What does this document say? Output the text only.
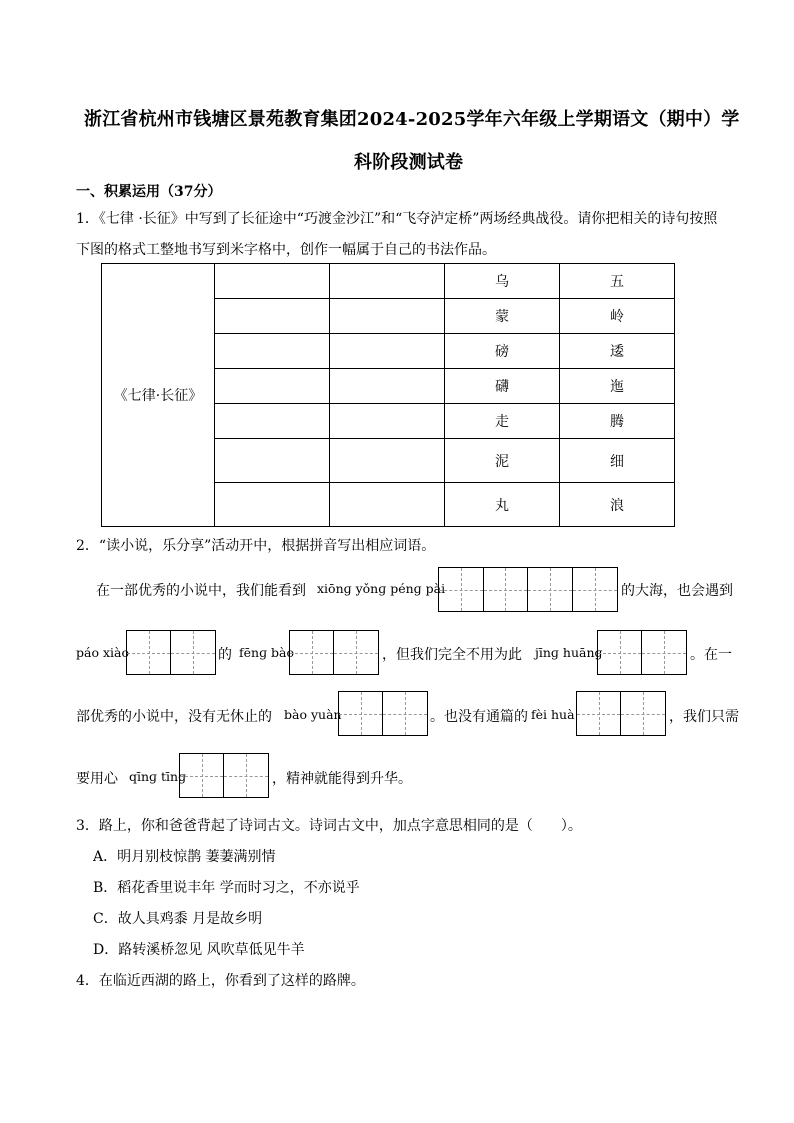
浙江省杭州市钱塘区景苑教育集团2024-2025学年六年级上学期语文（期中）学
科阶段测试卷
一、积累运用（37分）
1．《七律 ·长征》中写到了长征途中“巧渡金沙江”和“飞夺泸定桥”两场经典战役。请你把相关的诗句按照
下图的格式工整地书写到米字格中，创作一幅属于自己的书法作品。
《七律·长征》			乌	五
			蒙	岭
			磅	逶
			礴	迤
			走	腾
			泥	细
			丸	浪
2．“读小说，乐分享”活动开中，根据拼音写出相应词语。
在一部优秀的小说中，我们能看到 xiōnɡ yǒnɡ pénɡ pài	的大海，也会遇到
páo xiào	的 fēnɡ bào	，但我们完全不用为此 jīnɡ huānɡ	。在一
部优秀的小说中，没有无休止的 bào yuàn	。也没有通篇的 fèi huà	，我们只需
要用心 qīnɡ tīnɡ	，精神就能得到升华。
3．路上，你和爸爸背起了诗词古文。诗词古文中，加点字意思相同的是（　　）。
A．明月别枝惊鹊 萋萋满别情
B．稻花香里说丰年 学而时习之，不亦说乎
C．故人具鸡黍 月是故乡明
D．路转溪桥忽见 风吹草低见牛羊
4．在临近西湖的路上，你看到了这样的路牌。
